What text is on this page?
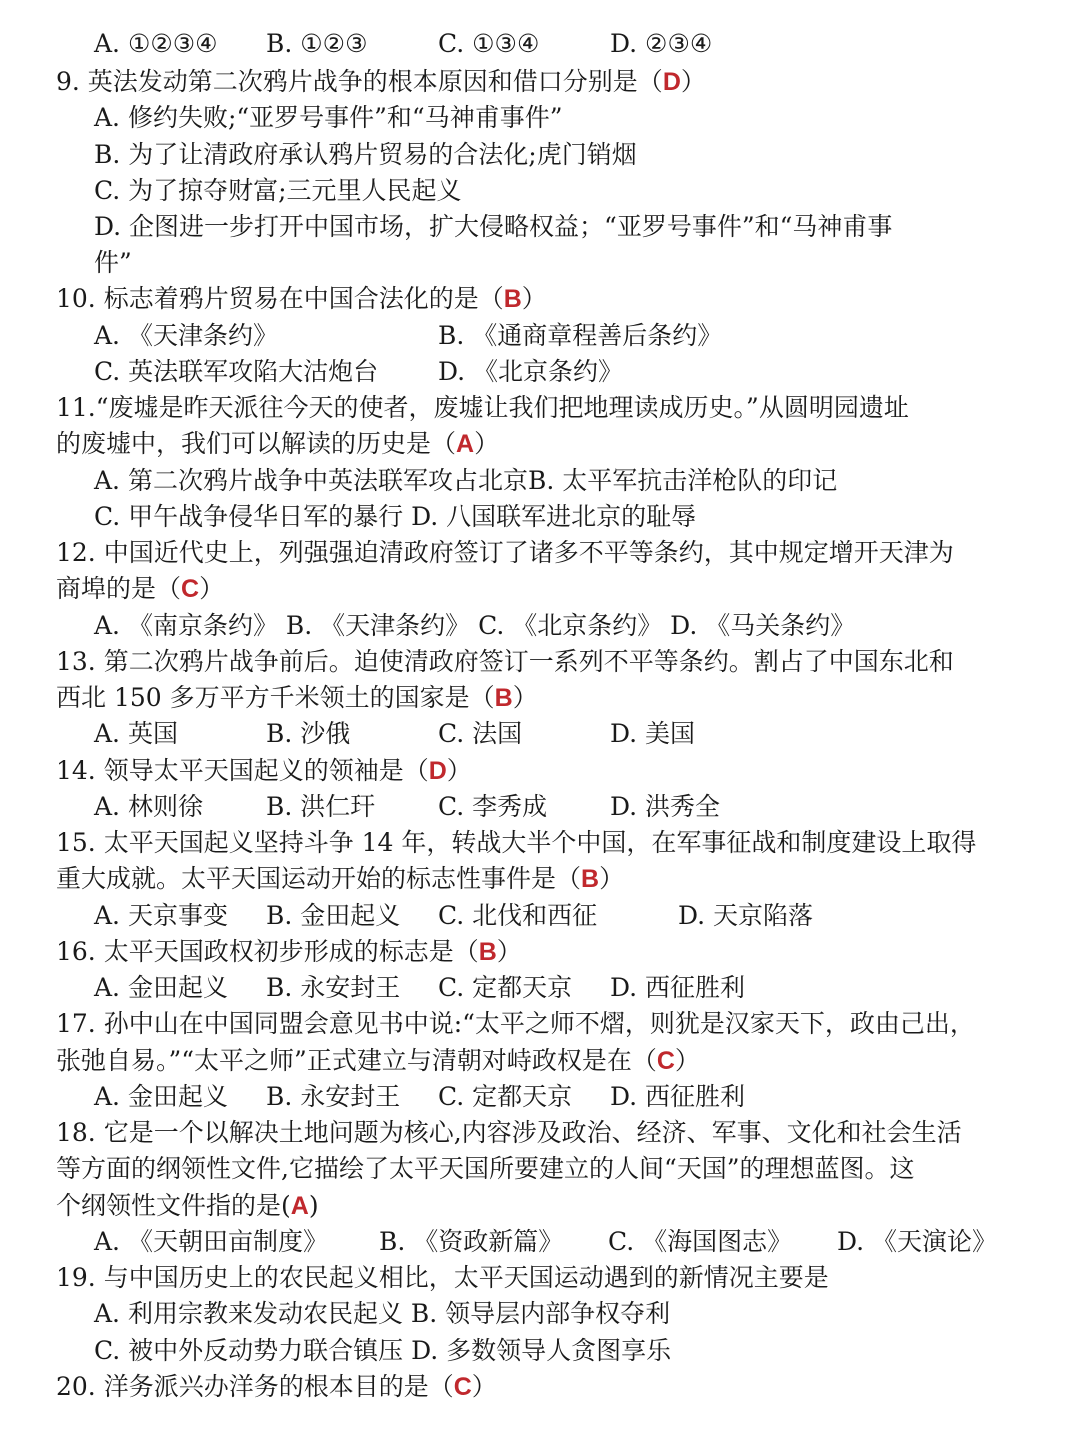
A. ①②③④ B. ①②③	C. ①③④	D. ②③④
9. 英法发动第二次鸦片战争的根本原因和借口分别是（D）
A. 修约失败;“亚罗号事件”和“马神甫事件”
B. 为了让清政府承认鸦片贸易的合法化;虎门销烟
C. 为了掠夺财富;三元里人民起义
D. 企图进一步打开中国市场，扩大侵略权益；“亚罗号事件”和“马神甫事
件”
10. 标志着鸦片贸易在中国合法化的是（B）
A. 《天津条约》	B. 《通商章程善后条约》
C. 英法联军攻陷大沽炮台 D. 《北京条约》
11.“废墟是昨天派往今天的使者，废墟让我们把地理读成历史。”从圆明园遗址
的废墟中，我们可以解读的历史是（A）
A. 第二次鸦片战争中英法联军攻占北京B. 太平军抗击洋枪队的印记
C. 甲午战争侵华日军的暴行 D. 八国联军进北京的耻辱
12. 中国近代史上，列强强迫清政府签订了诸多不平等条约，其中规定增开天津为
商埠的是（C）
A. 《南京条约》 B. 《天津条约》 C. 《北京条约》 D. 《马关条约》
13. 第二次鸦片战争前后。迫使清政府签订一系列不平等条约。割占了中国东北和
西北 150 多万平方千米领土的国家是（B）
A. 英国	B. 沙俄	C. 法国	D. 美国
14. 领导太平天国起义的领袖是（D）
A. 林则徐	B. 洪仁玕	C. 李秀成	D. 洪秀全
15. 太平天国起义坚持斗争 14 年，转战大半个中国，在军事征战和制度建设上取得
重大成就。太平天国运动开始的标志性事件是（B）
A. 天京事变B. 金田起义C. 北伐和西征	D. 天京陷落
16. 太平天国政权初步形成的标志是（B）
A. 金田起义B. 永安封王C. 定都天京D. 西征胜利
17. 孙中山在中国同盟会意见书中说:“太平之师不熠，则犹是汉家天下，政由己出，
张弛自易。”“太平之师”正式建立与清朝对峙政权是在（C）
A. 金田起义B. 永安封王C. 定都天京D. 西征胜利
18. 它是一个以解决土地问题为核心,内容涉及政治、经济、军事、文化和社会生活
等方面的纲领性文件,它描绘了太平天国所要建立的人间“天国”的理想蓝图。这
个纲领性文件指的是(A)
A. 《天朝田亩制度》B. 《资政新篇》C. 《海国图志》D. 《天演论》
19. 与中国历史上的农民起义相比，太平天国运动遇到的新情况主要是
A. 利用宗教来发动农民起义 B. 领导层内部争权夺利
C. 被中外反动势力联合镇压 D. 多数领导人贪图享乐
20. 洋务派兴办洋务的根本目的是（C）
